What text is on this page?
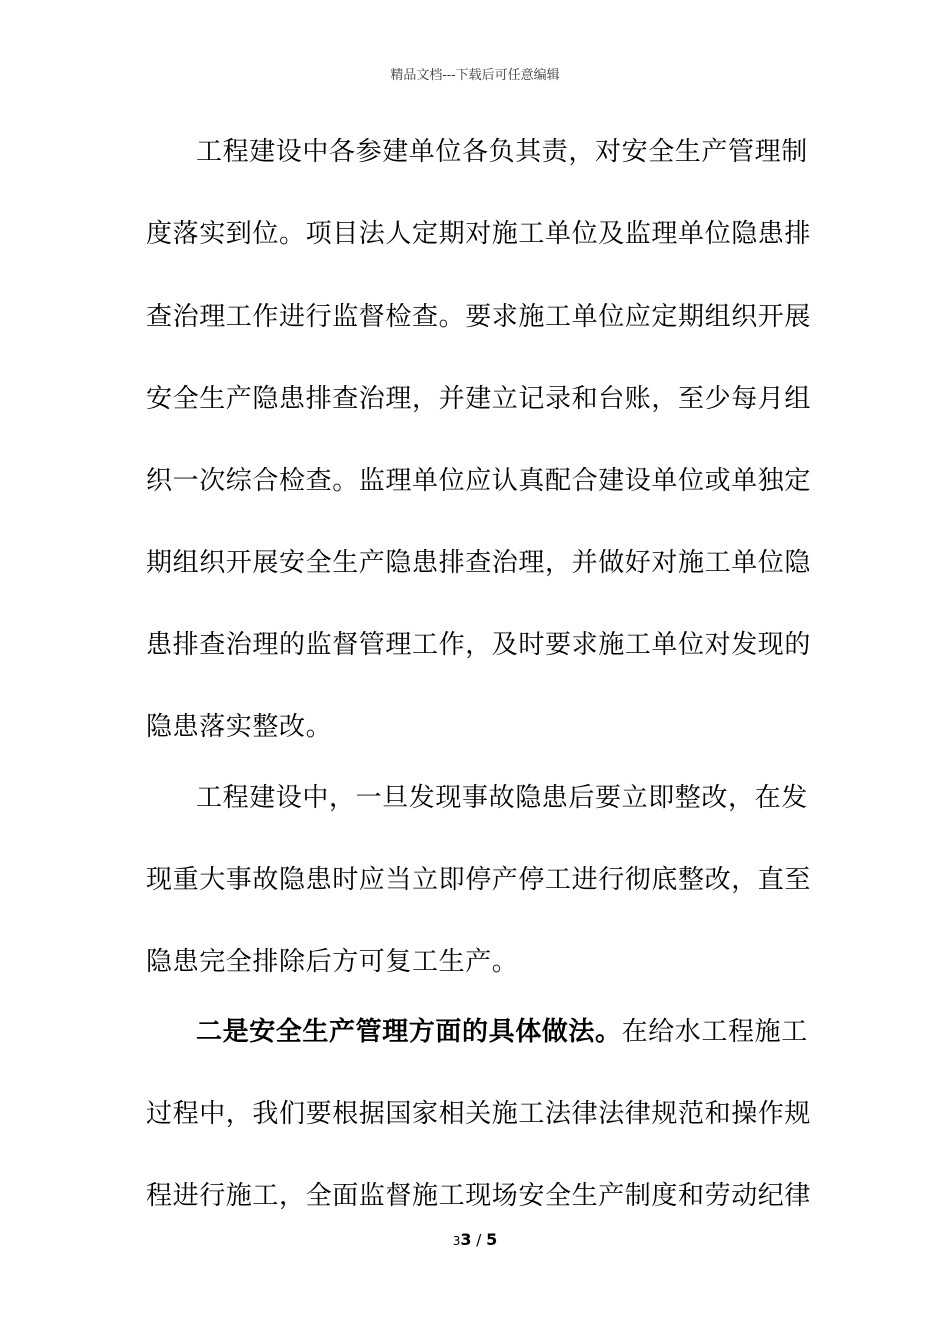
精品文档---下载后可任意编辑
工程建设中各参建单位各负其责，对安全生产管理制
度落实到位。项目法人定期对施工单位及监理单位隐患排
查治理工作进行监督检查。要求施工单位应定期组织开展
安全生产隐患排查治理，并建立记录和台账，至少每月组
织一次综合检查。监理单位应认真配合建设单位或单独定
期组织开展安全生产隐患排查治理，并做好对施工单位隐
患排查治理的监督管理工作，及时要求施工单位对发现的
隐患落实整改。
工程建设中，一旦发现事故隐患后要立即整改，在发
现重大事故隐患时应当立即停产停工进行彻底整改，直至
隐患完全排除后方可复工生产。
二是安全生产管理方面的具体做法。在给水工程施工
过程中，我们要根据国家相关施工法律法律规范和操作规
程进行施工，全面监督施工现场安全生产制度和劳动纪律
33 / 5
